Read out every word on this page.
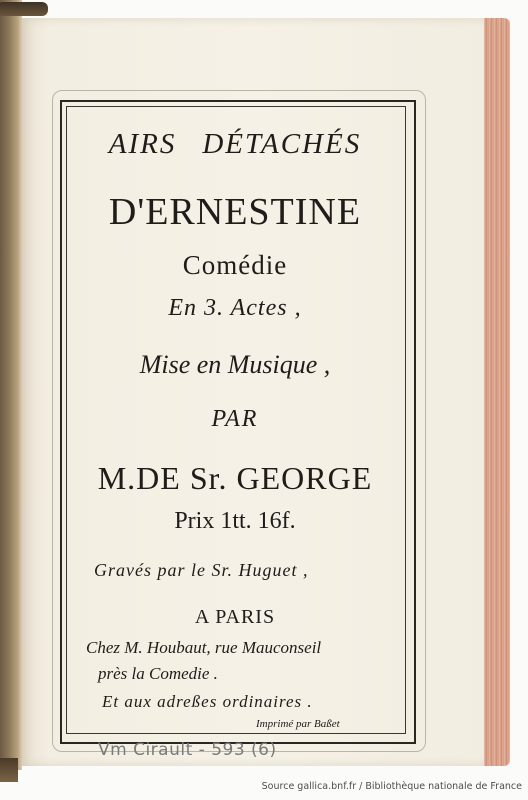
AIRS DÉTACHÉS
D'ERNESTINE
Comédie
En 3. Actes ,
Mise en Musique ,
PAR
M.DE Sr. GEORGE
Prix 1tt. 16f.
Gravés par le Sr. Huguet ,
A PARIS
Chez M. Houbaut, rue Mauconseil
près la Comedie .
Et aux adreßes ordinaires .
Imprimé par Baßet
Vm Cirault - 593 (6)
Source gallica.bnf.fr / Bibliothèque nationale de France
